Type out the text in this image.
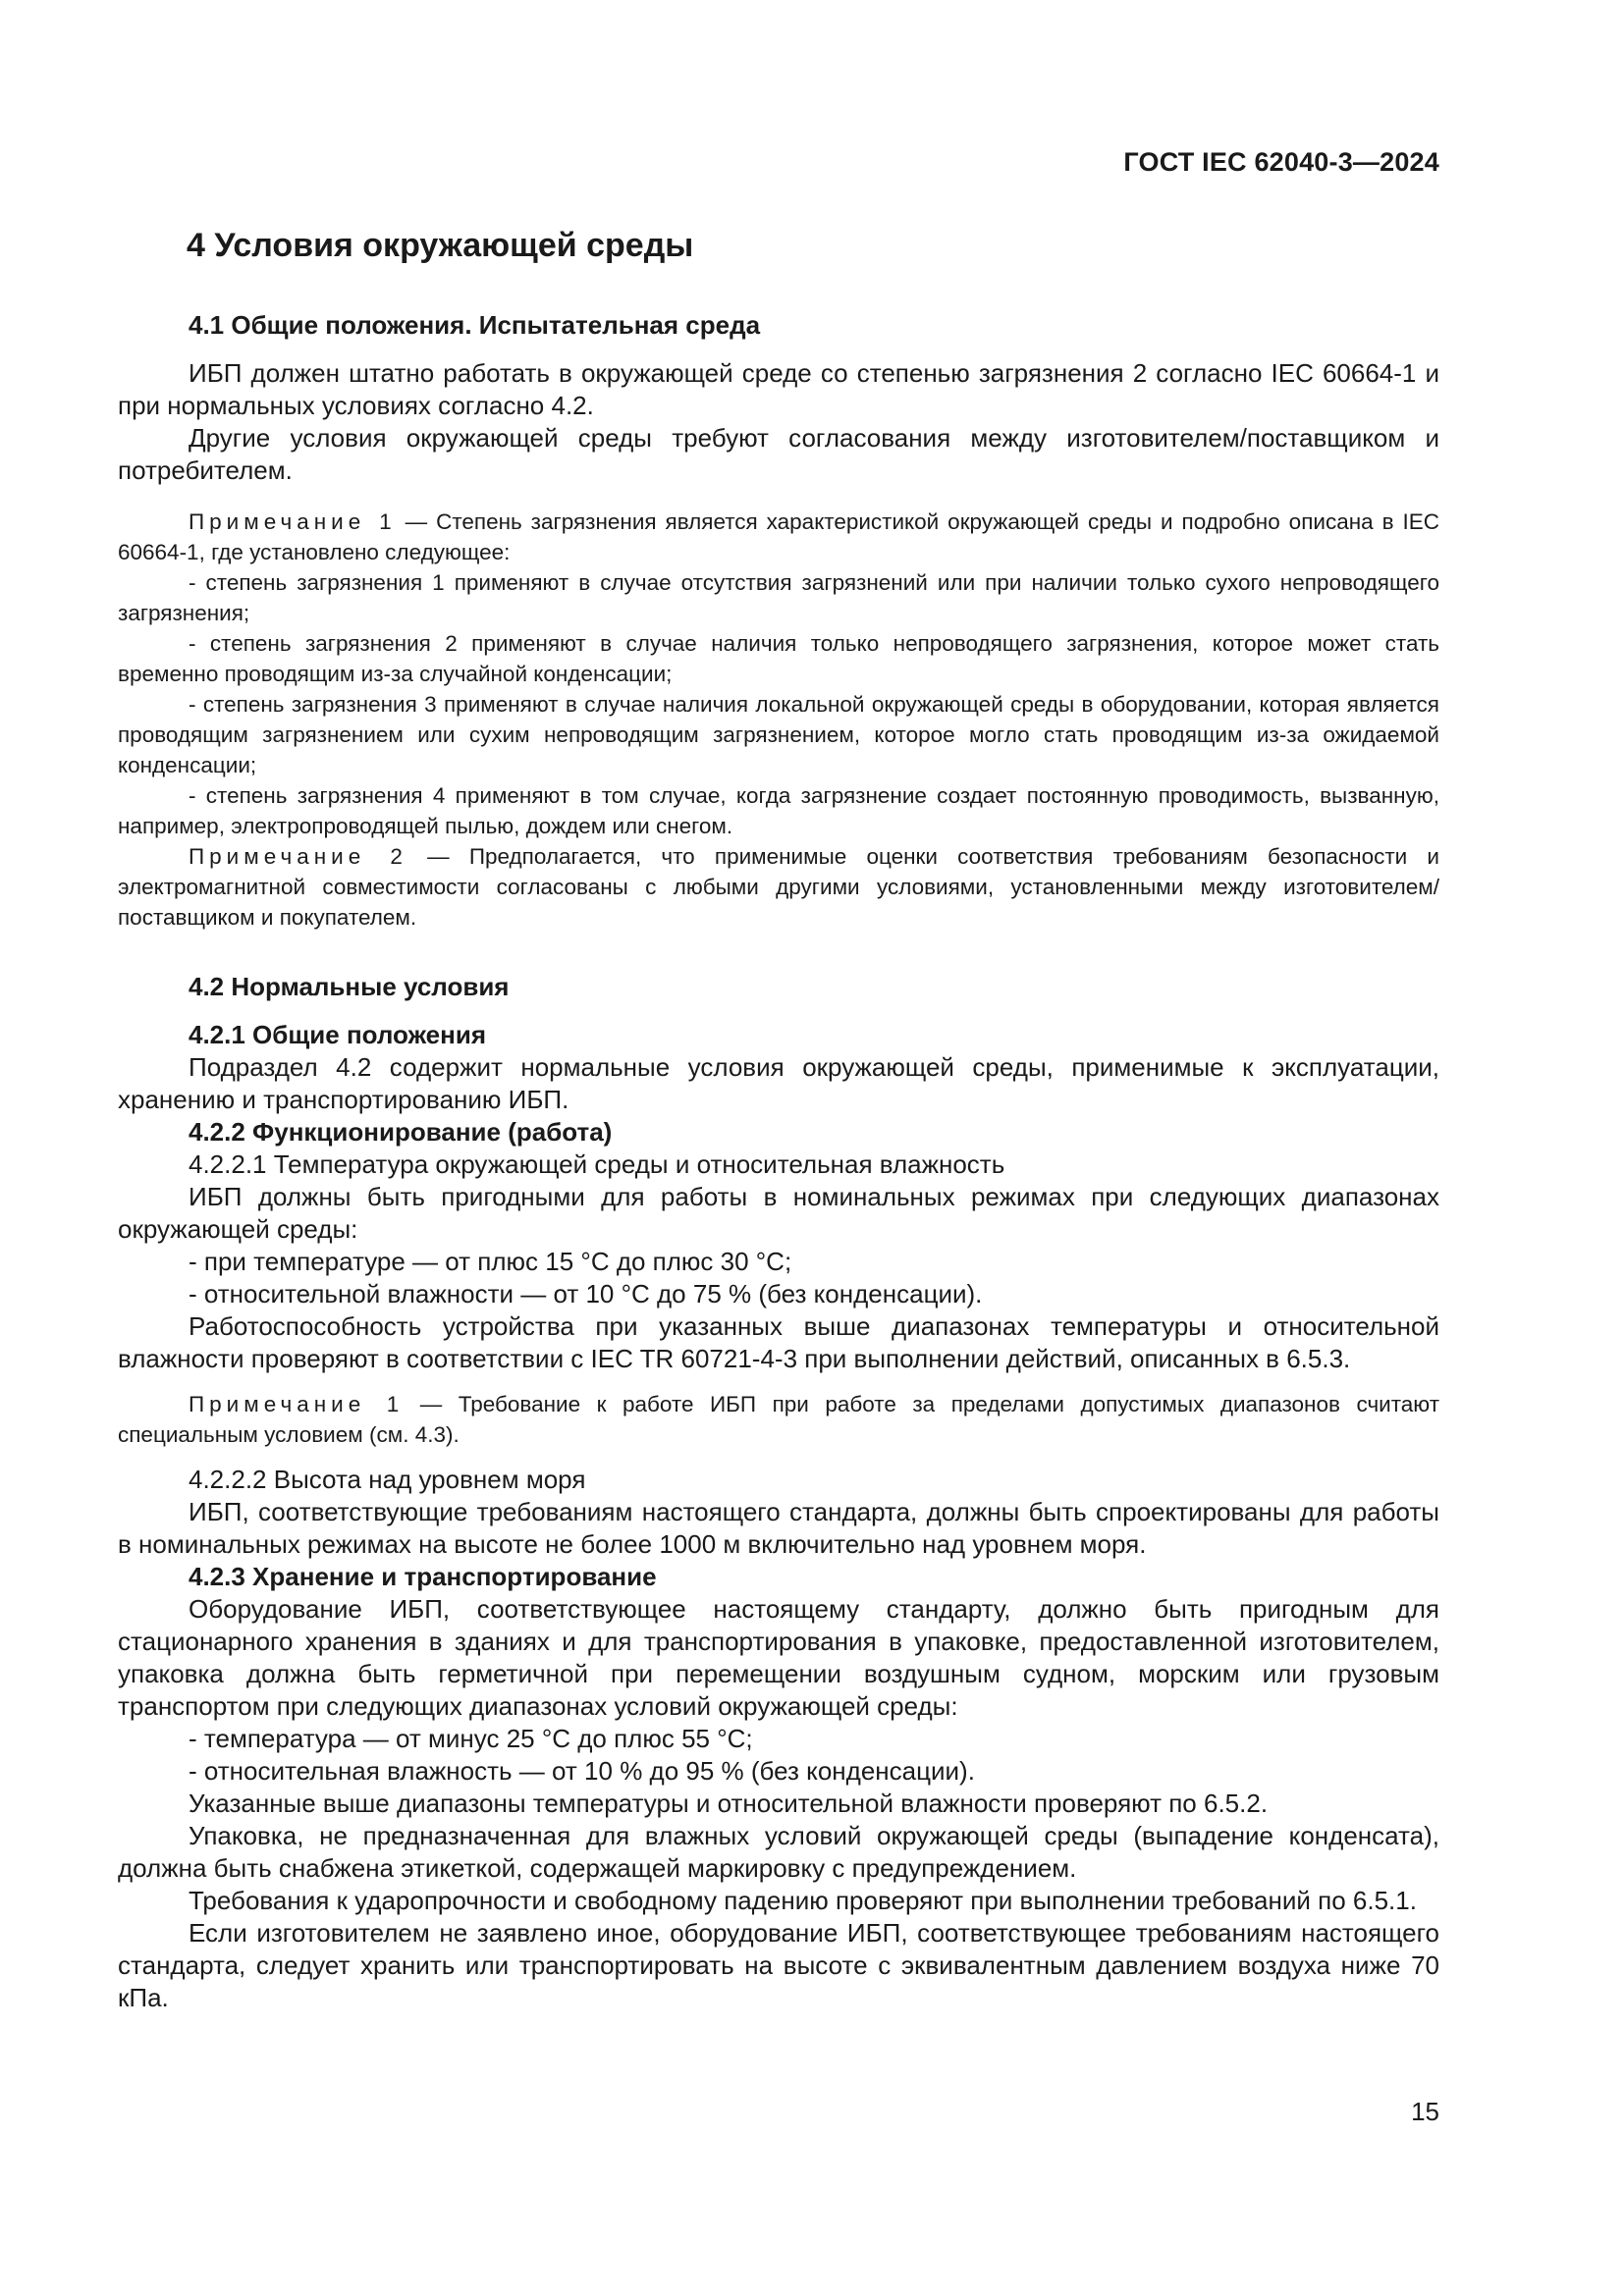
ГОСТ IEC 62040-3—2024
4 Условия окружающей среды
4.1 Общие положения. Испытательная среда

ИБП должен штатно работать в окружающей среде со степенью загрязнения 2 согласно IEC 60664-1 и при нормальных условиях согласно 4.2.

Другие условия окружающей среды требуют согласования между изготовителем/поставщиком и потребителем.

Примечание 1 — Степень загрязнения является характеристикой окружающей среды и подробно описана в IEC 60664-1, где установлено следующее:
- степень загрязнения 1 применяют в случае отсутствия загрязнений или при наличии только сухого непроводящего загрязнения;
- степень загрязнения 2 применяют в случае наличия только непроводящего загрязнения, которое может стать временно проводящим из-за случайной конденсации;
- степень загрязнения 3 применяют в случае наличия локальной окружающей среды в оборудовании, которая является проводящим загрязнением или сухим непроводящим загрязнением, которое могло стать проводящим из-за ожидаемой конденсации;
- степень загрязнения 4 применяют в том случае, когда загрязнение создает постоянную проводимость, вызванную, например, электропроводящей пылью, дождем или снегом.
Примечание 2 — Предполагается, что применимые оценки соответствия требованиям безопасности и электромагнитной совместимости согласованы с любыми другими условиями, установленными между изготовителем/поставщиком и покупателем.
4.2 Нормальные условия
4.2.1 Общие положения

Подраздел 4.2 содержит нормальные условия окружающей среды, применимые к эксплуатации, хранению и транспортированию ИБП.

4.2.2 Функционирование (работа)

4.2.2.1 Температура окружающей среды и относительная влажность

ИБП должны быть пригодными для работы в номинальных режимах при следующих диапазонах окружающей среды:

- при температуре — от плюс 15 °С до плюс 30 °С;

- относительной влажности — от 10 °С до 75 % (без конденсации).

Работоспособность устройства при указанных выше диапазонах температуры и относительной влажности проверяют в соответствии с IEC TR 60721-4-3 при выполнении действий, описанных в 6.5.3.

Примечание 1 — Требование к работе ИБП при работе за пределами допустимых диапазонов считают специальным условием (см. 4.3).

4.2.2.2 Высота над уровнем моря

ИБП, соответствующие требованиям настоящего стандарта, должны быть спроектированы для работы в номинальных режимах на высоте не более 1000 м включительно над уровнем моря.

4.2.3 Хранение и транспортирование

Оборудование ИБП, соответствующее настоящему стандарту, должно быть пригодным для стационарного хранения в зданиях и для транспортирования в упаковке, предоставленной изготовителем, упаковка должна быть герметичной при перемещении воздушным судном, морским или грузовым транспортом при следующих диапазонах условий окружающей среды:

- температура — от минус 25 °С до плюс 55 °С;

- относительная влажность — от 10 % до 95 % (без конденсации).

Указанные выше диапазоны температуры и относительной влажности проверяют по 6.5.2.

Упаковка, не предназначенная для влажных условий окружающей среды (выпадение конденсата), должна быть снабжена этикеткой, содержащей маркировку с предупреждением.

Требования к ударопрочности и свободному падению проверяют при выполнении требований по 6.5.1.

Если изготовителем не заявлено иное, оборудование ИБП, соответствующее требованиям настоящего стандарта, следует хранить или транспортировать на высоте с эквивалентным давлением воздуха ниже 70 кПа.

15
